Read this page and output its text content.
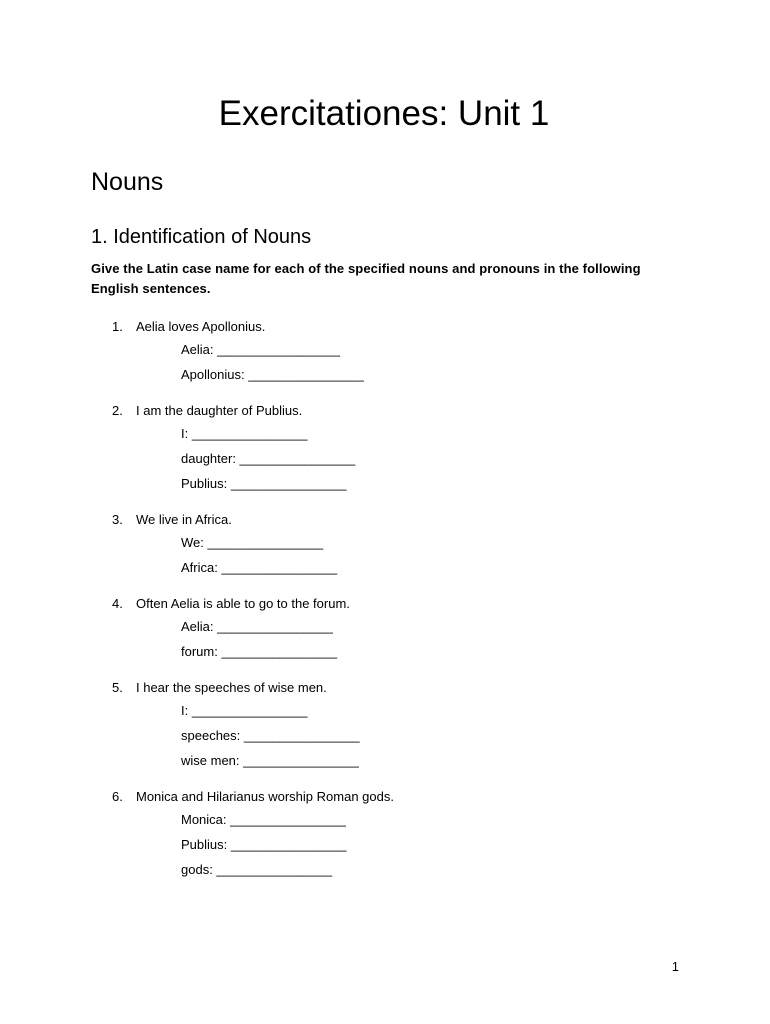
Exercitationes: Unit 1
Nouns
1. Identification of Nouns

Give the Latin case name for each of the specified nouns and pronouns in the following English sentences.

1. Aelia loves Apollonius.
Aelia: _________________
Apollonius: ________________
2. I am the daughter of Publius.
I: ________________
daughter: ________________
Publius: ________________
3. We live in Africa.
We: ________________
Africa: ________________
4. Often Aelia is able to go to the forum.
Aelia: ________________
forum: ________________
5. I hear the speeches of wise men.
I: ________________
speeches: ________________
wise men: ________________
6. Monica and Hilarianus worship Roman gods.
Monica: ________________
Publius: ________________
gods: ________________
1
